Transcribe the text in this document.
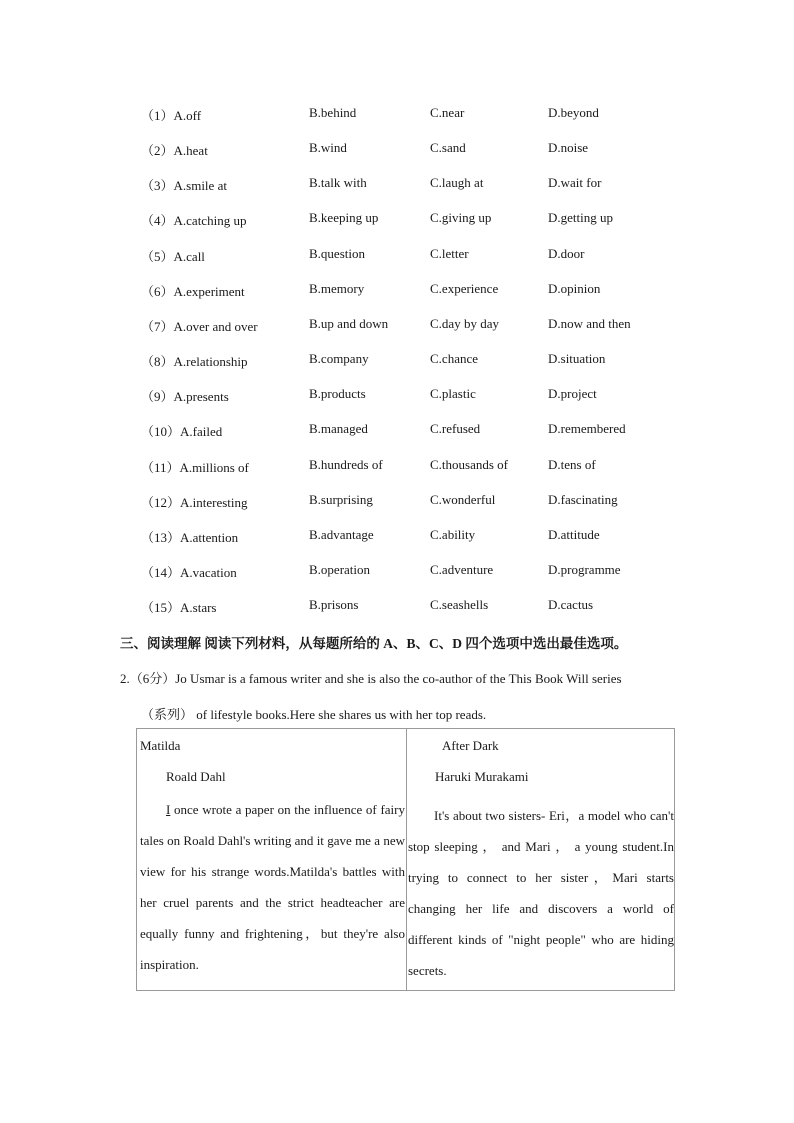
（1）A.off	B.behind	C.near	D.beyond
（2）A.heat	B.wind	C.sand	D.noise
（3）A.smile at	B.talk with	C.laugh at	D.wait for
（4）A.catching up	B.keeping up	C.giving up	D.getting up
（5）A.call	B.question	C.letter	D.door
（6）A.experiment	B.memory	C.experience	D.opinion
（7）A.over and over	B.up and down	C.day by day	D.now and then
（8）A.relationship	B.company	C.chance	D.situation
（9）A.presents	B.products	C.plastic	D.project
（10）A.failed	B.managed	C.refused	D.remembered
（11）A.millions of	B.hundreds of	C.thousands of	D.tens of
（12）A.interesting	B.surprising	C.wonderful	D.fascinating
（13）A.attention	B.advantage	C.ability	D.attitude
（14）A.vacation	B.operation	C.adventure	D.programme
（15）A.stars	B.prisons	C.seashells	D.cactus
三、阅读理解 阅读下列材料，从每题所给的 A、B、C、D 四个选项中选出最佳选项。
2.（6分）Jo Usmar is a famous writer and she is also the co-author of the This Book Will series
（系列） of lifestyle books.Here she shares us with her top reads.
Matilda
Roald Dahl
I once wrote a paper on the influence of fairy tales on Roald Dahl's writing and it gave me a new view for his strange words.Matilda's battles with her cruel parents and the strict headteacher are equally funny and frightening，but they're also inspiration.
After Dark
Haruki Murakami
It's about two sisters- Eri，a model who can't stop sleeping ， and Mari ， a young student.In trying to connect to her sister，Mari starts changing her life and discovers a world of different kinds of "night people" who are hiding secrets.
